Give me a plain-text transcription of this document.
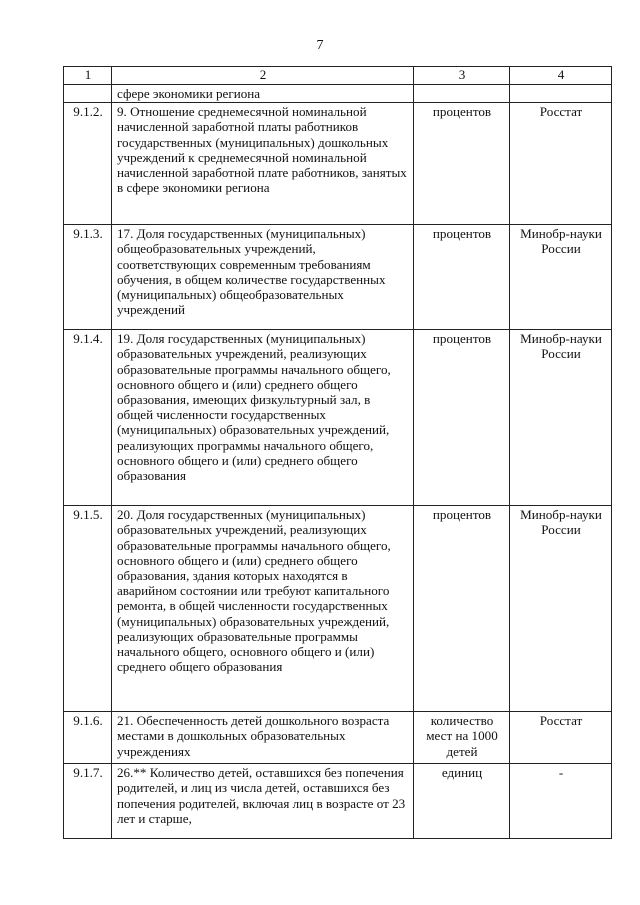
7
1	2	3	4
	сфере экономики региона		
9.1.2.	9. Отношение среднемесячной номинальной начисленной заработной платы работников государственных (муниципальных) дошкольных учреждений к среднемесячной номинальной начисленной заработной плате работников, занятых в сфере экономики региона	процентов	Росстат
9.1.3.	17. Доля государственных (муниципальных) общеобразовательных учреждений, соответствующих современным требованиям обучения, в общем количестве государственных (муниципальных) общеобразовательных учреждений	процентов	Минобр-науки России
9.1.4.	19. Доля государственных (муниципальных) образовательных учреждений, реализующих образовательные программы начального общего, основного общего и (или) среднего общего образования, имеющих физкультурный зал, в общей численности государственных (муниципальных) образовательных учреждений, реализующих программы начального общего, основного общего и (или) среднего общего образования	процентов	Минобр-науки России
9.1.5.	20. Доля государственных (муниципальных) образовательных учреждений, реализующих образовательные программы начального общего, основного общего и (или) среднего общего образования, здания которых находятся в аварийном состоянии или требуют капитального ремонта, в общей численности государственных (муниципальных) образовательных учреждений, реализующих образовательные программы начального общего, основного общего и (или) среднего общего образования	процентов	Минобр-науки России
9.1.6.	21. Обеспеченность детей дошкольного возраста местами в дошкольных образовательных учреждениях	количество мест на 1000 детей	Росстат
9.1.7.	26.** Количество детей, оставшихся без попечения родителей, и лиц из числа детей, оставшихся без попечения родителей, включая лиц в возрасте от 23 лет и старше,	единиц	-
